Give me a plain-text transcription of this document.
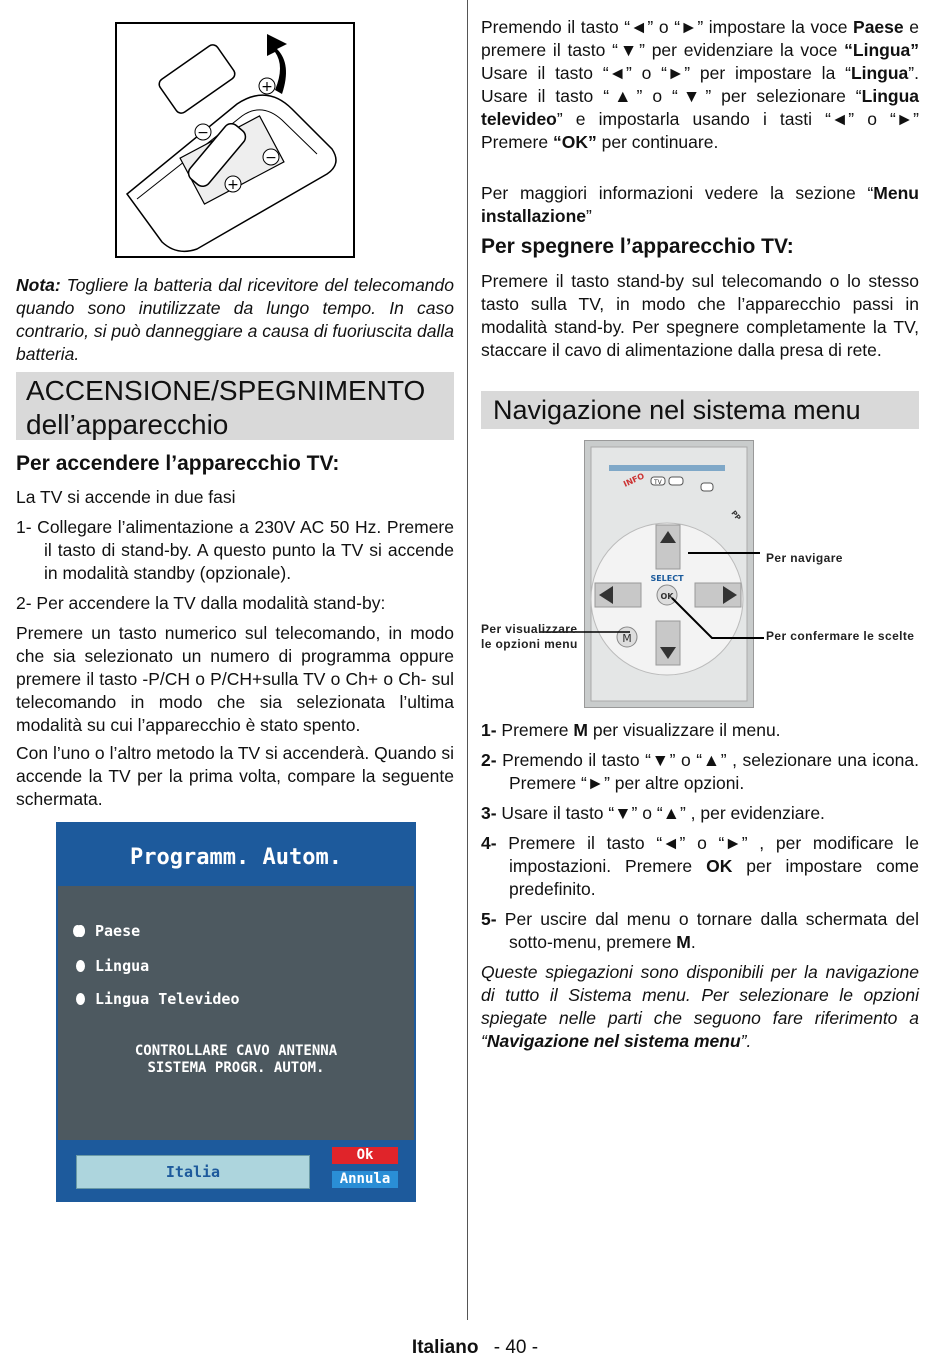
+
−
−
+

Nota: Togliere la batteria dal ricevitore del telecomando quando sono inutilizzate da lungo tempo. In caso contrario, si può danneggiare a causa di fuoriuscita dalla batteria.

ACCENSIONE/SPEGNIMENTO dell’apparecchio
Per accendere l’apparecchio TV:

La TV si accende in due fasi

1- Collegare l’alimentazione a 230V AC 50 Hz. Premere il tasto di stand-by. A questo punto la TV si accende in modalità standby (opzionale).

2- Per accendere la TV dalla modalità stand-by:

Premere un tasto numerico sul telecomando, in modo che sia selezionato un numero di programma oppure premere il tasto -P/CH o P/CH+sulla TV o Ch+ o Ch- sul telecomando in modo che sia selezionata l’ultima modalità su cui l’apparecchio è stato spento.

Con l’uno o l’altro metodo la TV si accenderà. Quando si accende la TV per la prima volta, compare la seguente schermata.

Programm. Autom.
Paese
Lingua
Lingua Televideo
CONTROLLARE CAVO ANTENNA
SISTEMA PROGR. AUTOM.
Italia
Ok
Annula

Premendo il tasto “◄” o “►” impostare la voce Paese e premere il tasto “▼” per evidenziare la voce “Lingua” Usare il tasto “◄” o “►” per impostare la “Lingua”. Usare il tasto “▲” o “▼” per selezionare “Lingua televideo” e impostarla usando i tasti “◄” o “►” Premere “OK” per continuare.

Per maggiori informazioni vedere la sezione “Menu installazione”

Per spegnere l’apparecchio TV:

Premere il tasto stand-by sul telecomando o lo stesso tasto sulla TV, in modo che l’apparecchio passi in modalità stand-by. Per spegnere completamente la TV, staccare il cavo di alimentazione dalla presa di rete.

Navigazione nel sistema menu
INFO TV
PP
SELECT
OK
M
Per navigare
Per visualizzare le opzioni menu
Per confermare le scelte

1- Premere M per visualizzare il menu.

2- Premendo il tasto “▼” o “▲” , selezionare una icona. Premere “►” per altre opzioni.

3- Usare il tasto “▼” o “▲” , per evidenziare.

4- Premere il tasto “◄” o “►” , per modificare le impostazioni. Premere OK per impostare come predefinito.

5- Per uscire dal menu o tornare dalla schermata del sotto-menu, premere M.

Queste spiegazioni sono disponibili per la navigazione di tutto il Sistema menu. Per selezionare le opzioni spiegate nelle parti che seguono fare riferimento a “Navigazione nel sistema menu”.

Italiano - 40 -
